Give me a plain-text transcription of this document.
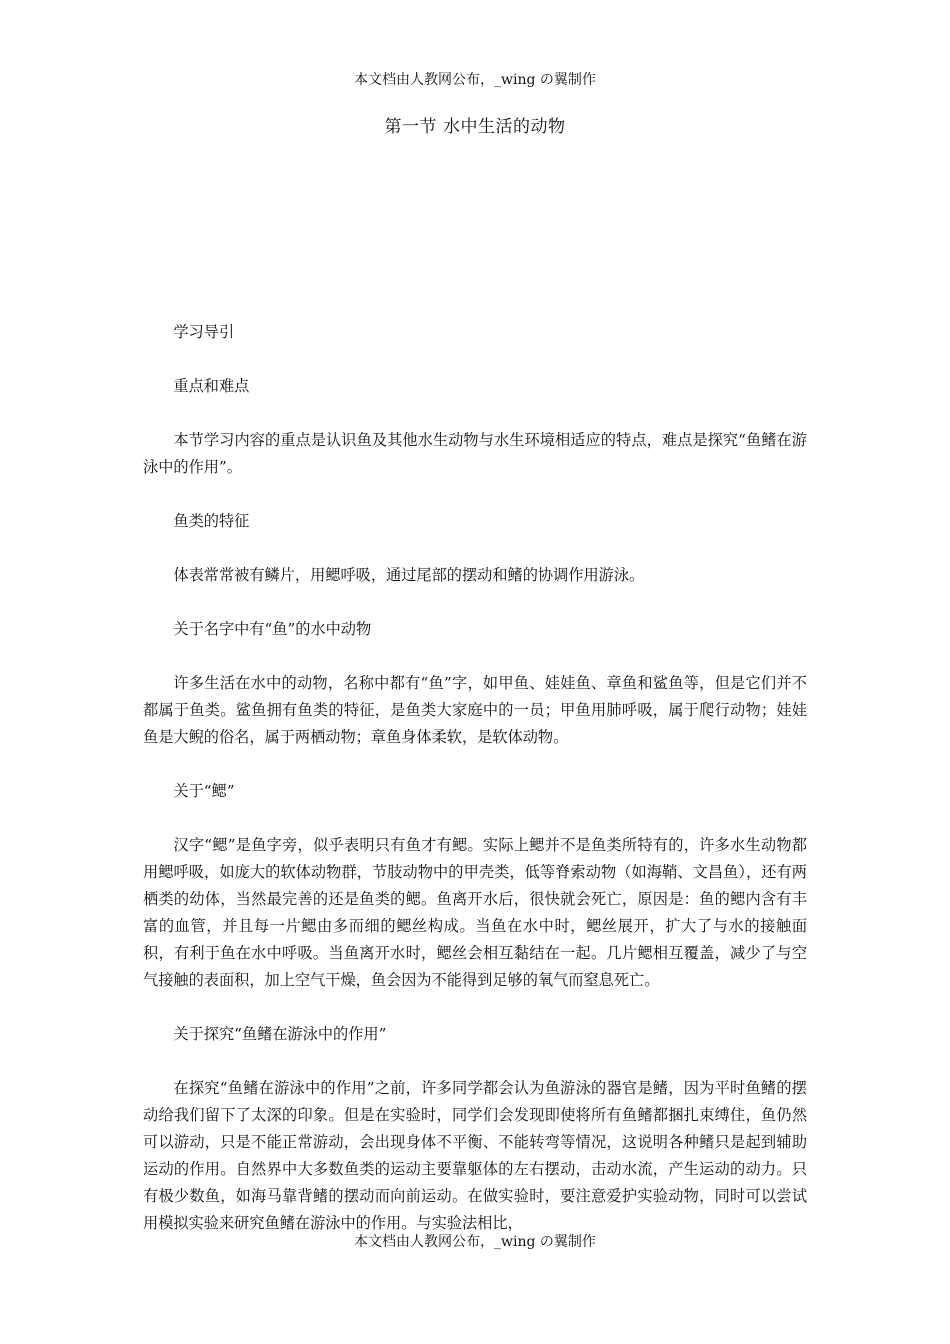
本文档由人教网公布，_wing の翼制作
第一节 水中生活的动物

学习导引

重点和难点

本节学习内容的重点是认识鱼及其他水生动物与水生环境相适应的特点，难点是探究“鱼鳍在游泳中的作用”。

鱼类的特征

体表常常被有鳞片，用鳃呼吸，通过尾部的摆动和鳍的协调作用游泳。

关于名字中有“鱼”的水中动物

许多生活在水中的动物，名称中都有“鱼”字，如甲鱼、娃娃鱼、章鱼和鲨鱼等，但是它们并不都属于鱼类。鲨鱼拥有鱼类的特征，是鱼类大家庭中的一员；甲鱼用肺呼吸，属于爬行动物；娃娃鱼是大鲵的俗名，属于两栖动物；章鱼身体柔软，是软体动物。

关于“鳃”

汉字“鳃”是鱼字旁，似乎表明只有鱼才有鳃。实际上鳃并不是鱼类所特有的，许多水生动物都用鳃呼吸，如庞大的软体动物群，节肢动物中的甲壳类，低等脊索动物（如海鞘、文昌鱼），还有两栖类的幼体，当然最完善的还是鱼类的鳃。鱼离开水后，很快就会死亡，原因是：鱼的鳃内含有丰富的血管，并且每一片鳃由多而细的鳃丝构成。当鱼在水中时，鳃丝展开，扩大了与水的接触面积，有利于鱼在水中呼吸。当鱼离开水时，鳃丝会相互黏结在一起。几片鳃相互覆盖，减少了与空气接触的表面积，加上空气干燥，鱼会因为不能得到足够的氧气而窒息死亡。

关于探究“鱼鳍在游泳中的作用”

在探究“鱼鳍在游泳中的作用”之前，许多同学都会认为鱼游泳的器官是鳍，因为平时鱼鳍的摆动给我们留下了太深的印象。但是在实验时，同学们会发现即使将所有鱼鳍都捆扎束缚住，鱼仍然可以游动，只是不能正常游动，会出现身体不平衡、不能转弯等情况，这说明各种鳍只是起到辅助运动的作用。自然界中大多数鱼类的运动主要靠躯体的左右摆动，击动水流，产生运动的动力。只有极少数鱼，如海马靠背鳍的摆动而向前运动。在做实验时，要注意爱护实验动物，同时可以尝试用模拟实验来研究鱼鳍在游泳中的作用。与实验法相比，

本文档由人教网公布，_wing の翼制作
